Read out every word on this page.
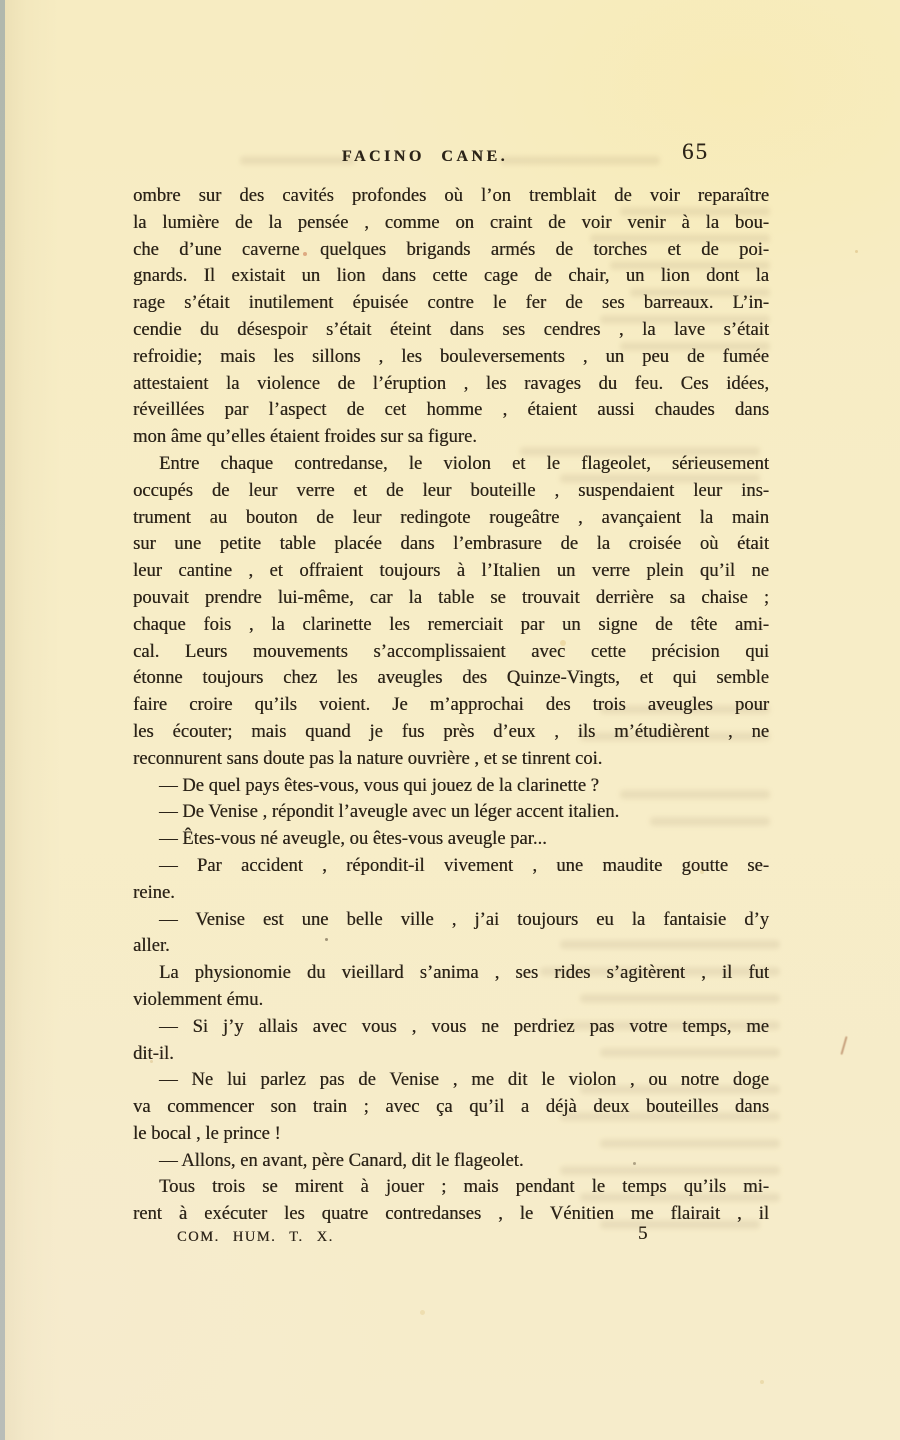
FACINO CANE.	65
ombre sur des cavités profondes où l’on tremblait de voir reparaître
la lumière de la pensée , comme on craint de voir venir à la bou-
che d’une caverne quelques brigands armés de torches et de poi-
gnards. Il existait un lion dans cette cage de chair, un lion dont la
rage s’était inutilement épuisée contre le fer de ses barreaux. L’in-
cendie du désespoir s’était éteint dans ses cendres , la lave s’était
refroidie; mais les sillons , les bouleversements , un peu de fumée
attestaient la violence de l’éruption , les ravages du feu. Ces idées,
réveillées par l’aspect de cet homme , étaient aussi chaudes dans
mon âme qu’elles étaient froides sur sa figure.
Entre chaque contredanse, le violon et le flageolet, sérieusement
occupés de leur verre et de leur bouteille , suspendaient leur ins-
trument au bouton de leur redingote rougeâtre , avançaient la main
sur une petite table placée dans l’embrasure de la croisée où était
leur cantine , et offraient toujours à l’Italien un verre plein qu’il ne
pouvait prendre lui-même, car la table se trouvait derrière sa chaise ;
chaque fois , la clarinette les remerciait par un signe de tête ami-
cal. Leurs mouvements s’accomplissaient avec cette précision qui
étonne toujours chez les aveugles des Quinze-Vingts, et qui semble
faire croire qu’ils voient. Je m’approchai des trois aveugles pour
les écouter; mais quand je fus près d’eux , ils m’étudièrent , ne
reconnurent sans doute pas la nature ouvrière , et se tinrent coi.
— De quel pays êtes-vous, vous qui jouez de la clarinette ?
— De Venise , répondit l’aveugle avec un léger accent italien.
— Êtes-vous né aveugle, ou êtes-vous aveugle par...
— Par accident , répondit-il vivement , une maudite goutte se-
reine.
— Venise est une belle ville , j’ai toujours eu la fantaisie d’y
aller.
La physionomie du vieillard s’anima , ses rides s’agitèrent , il fut
violemment ému.
— Si j’y allais avec vous , vous ne perdriez pas votre temps, me
dit-il.
— Ne lui parlez pas de Venise , me dit le violon , ou notre doge
va commencer son train ; avec ça qu’il a déjà deux bouteilles dans
le bocal , le prince !
— Allons, en avant, père Canard, dit le flageolet.
Tous trois se mirent à jouer ; mais pendant le temps qu’ils mi-
rent à exécuter les quatre contredanses , le Vénitien me flairait , il
COM. HUM. T. X.	5
